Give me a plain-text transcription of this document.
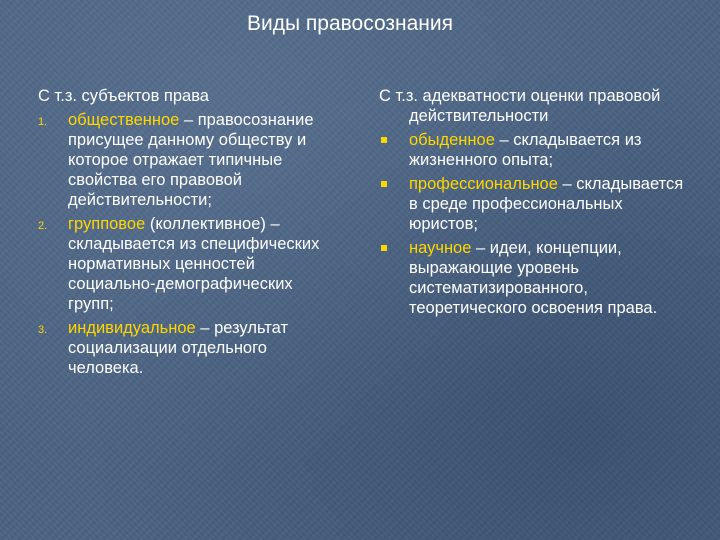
Виды правосознания

С т.з. субъектов права

1. общественное – правосознание присущее данному обществу и которое отражает типичные свойства его правовой действительности;
2. групповое (коллективное) – складывается из специфических нормативных ценностей социально-демографических групп;
3. индивидуальное – результат социализации отдельного человека.

С т.з. адекватности оценки правовой действительности

обыденное – складывается из жизненного опыта;
профессиональное – складывается в среде профессиональных юристов;
научное – идеи, концепции, выражающие уровень систематизированного, теоретического освоения права.
